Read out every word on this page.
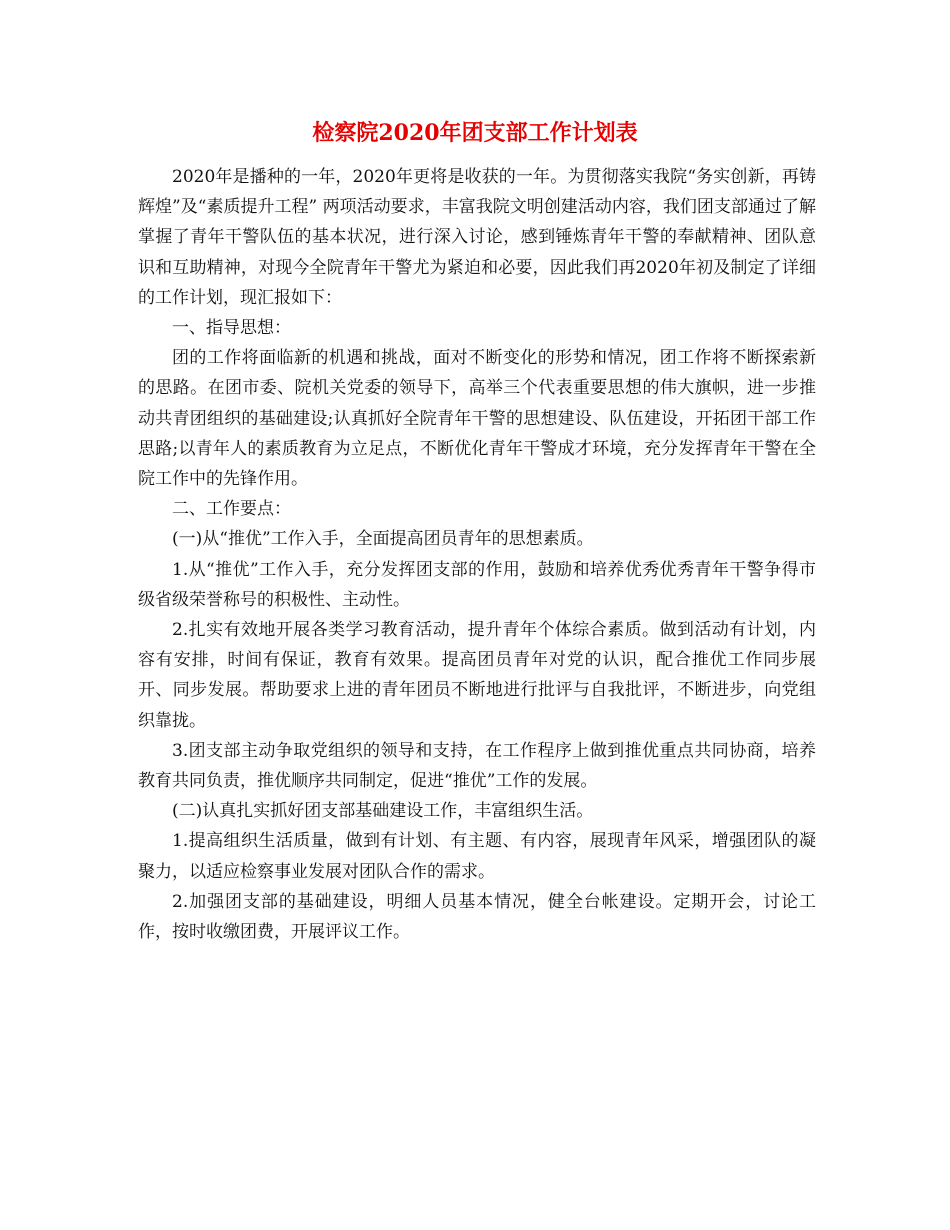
检察院2020年团支部工作计划表

2020年是播种的一年，2020年更将是收获的一年。为贯彻落实我院“务实创新，再铸辉煌”及“素质提升工程” 两项活动要求，丰富我院文明创建活动内容，我们团支部通过了解掌握了青年干警队伍的基本状况，进行深入讨论，感到锤炼青年干警的奉献精神、团队意识和互助精神，对现今全院青年干警尤为紧迫和必要，因此我们再2020年初及制定了详细的工作计划，现汇报如下：

一、指导思想：

团的工作将面临新的机遇和挑战，面对不断变化的形势和情况，团工作将不断探索新的思路。在团市委、院机关党委的领导下，高举三个代表重要思想的伟大旗帜，进一步推动共青团组织的基础建设;认真抓好全院青年干警的思想建设、队伍建设，开拓团干部工作思路;以青年人的素质教育为立足点，不断优化青年干警成才环境，充分发挥青年干警在全院工作中的先锋作用。

二、工作要点：

(一)从“推优”工作入手，全面提高团员青年的思想素质。

1.从“推优”工作入手，充分发挥团支部的作用，鼓励和培养优秀优秀青年干警争得市级省级荣誉称号的积极性、主动性。

2.扎实有效地开展各类学习教育活动，提升青年个体综合素质。做到活动有计划，内容有安排，时间有保证，教育有效果。提高团员青年对党的认识，配合推优工作同步展开、同步发展。帮助要求上进的青年团员不断地进行批评与自我批评，不断进步，向党组织靠拢。

3.团支部主动争取党组织的领导和支持，在工作程序上做到推优重点共同协商，培养教育共同负责，推优顺序共同制定，促进“推优”工作的发展。

(二)认真扎实抓好团支部基础建设工作，丰富组织生活。

1.提高组织生活质量，做到有计划、有主题、有内容，展现青年风采，增强团队的凝聚力，以适应检察事业发展对团队合作的需求。

2.加强团支部的基础建设，明细人员基本情况，健全台帐建设。定期开会，讨论工作，按时收缴团费，开展评议工作。
